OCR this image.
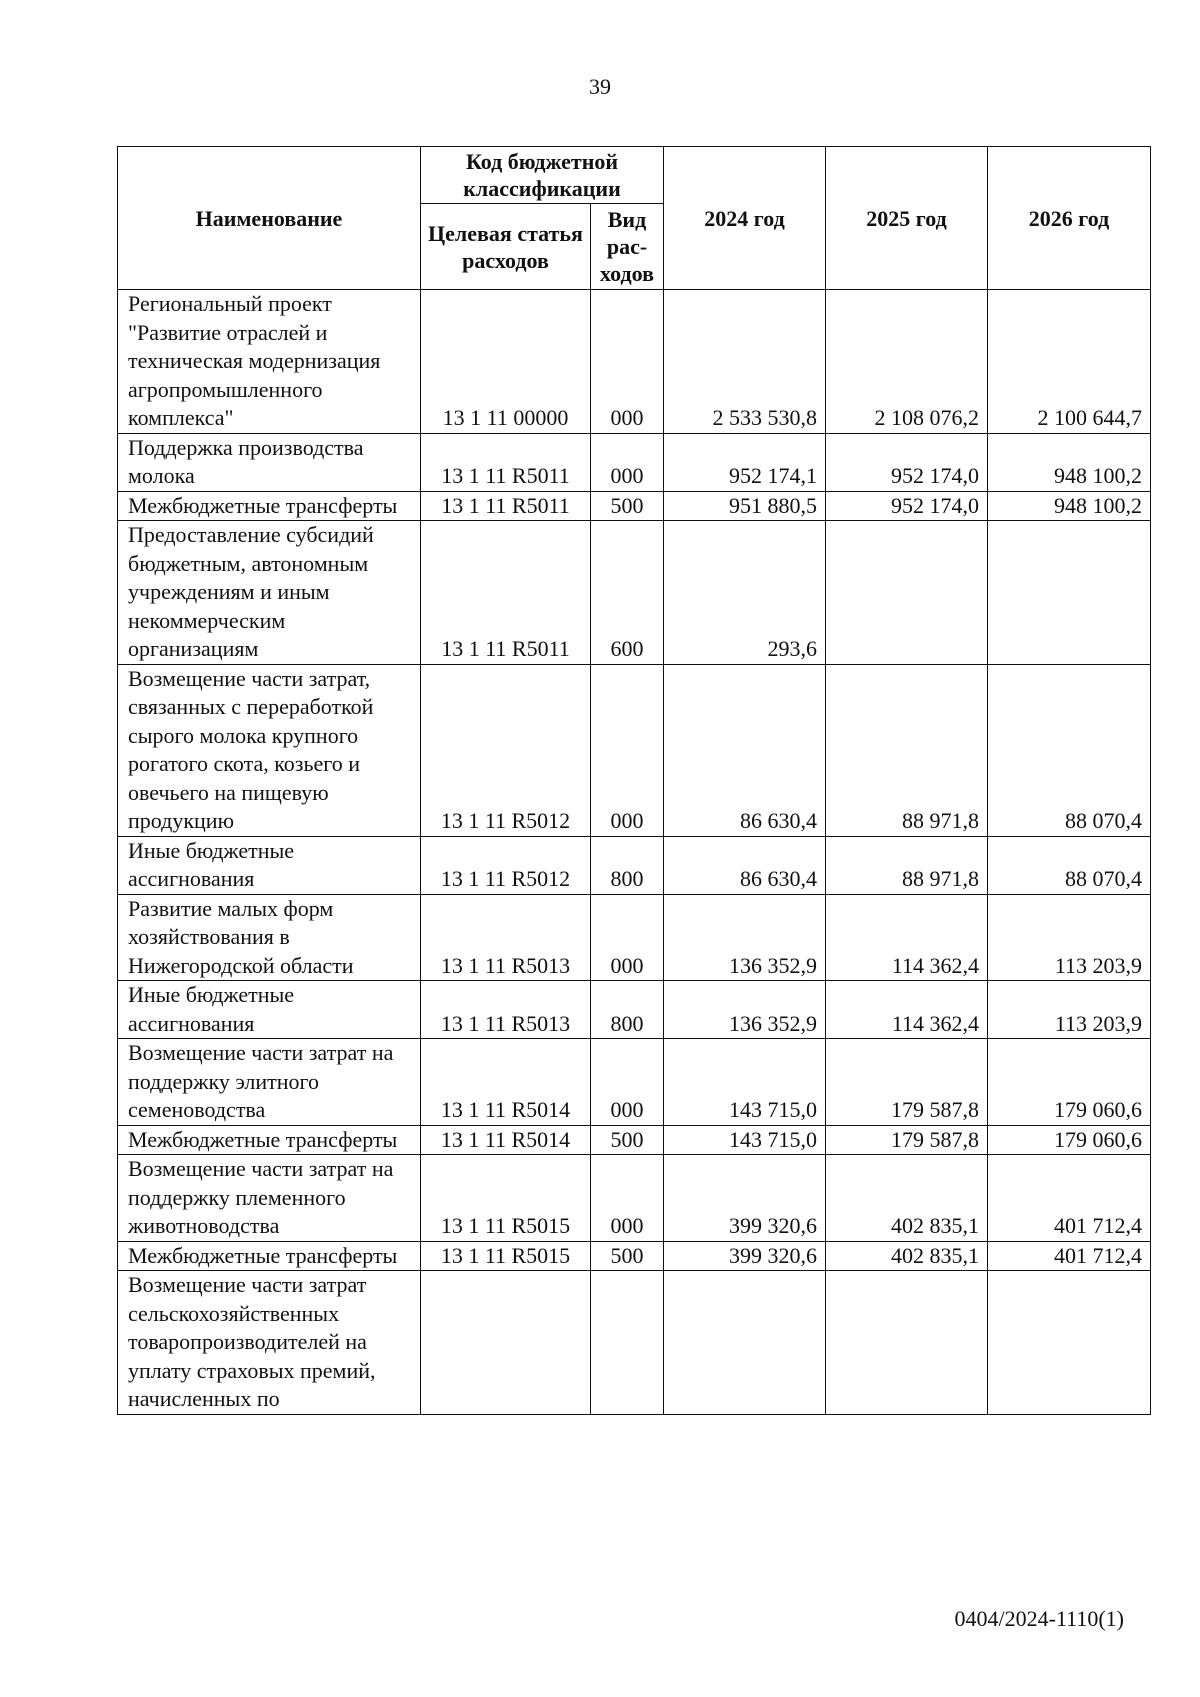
39
Наименование	Код бюджетной классификации		2024 год	2025 год	2026 год
	Целевая статья расходов	Вид рас-ходов			
Региональный проект "Развитие отраслей и техническая модернизация агропромышленного комплекса"	13 1 11 00000	000	2 533 530,8	2 108 076,2	2 100 644,7
Поддержка производства молока	13 1 11 R5011	000	952 174,1	952 174,0	948 100,2
Межбюджетные трансферты	13 1 11 R5011	500	951 880,5	952 174,0	948 100,2
Предоставление субсидий бюджетным, автономным учреждениям и иным некоммерческим организациям	13 1 11 R5011	600	293,6		
Возмещение части затрат, связанных с переработкой сырого молока крупного рогатого скота, козьего и овечьего на пищевую продукцию	13 1 11 R5012	000	86 630,4	88 971,8	88 070,4
Иные бюджетные ассигнования	13 1 11 R5012	800	86 630,4	88 971,8	88 070,4
Развитие малых форм хозяйствования в Нижегородской области	13 1 11 R5013	000	136 352,9	114 362,4	113 203,9
Иные бюджетные ассигнования	13 1 11 R5013	800	136 352,9	114 362,4	113 203,9
Возмещение части затрат на поддержку элитного семеноводства	13 1 11 R5014	000	143 715,0	179 587,8	179 060,6
Межбюджетные трансферты	13 1 11 R5014	500	143 715,0	179 587,8	179 060,6
Возмещение части затрат на поддержку племенного животноводства	13 1 11 R5015	000	399 320,6	402 835,1	401 712,4
Межбюджетные трансферты	13 1 11 R5015	500	399 320,6	402 835,1	401 712,4
Возмещение части затрат сельскохозяйственных товаропроизводителей на уплату страховых премий, начисленных по					
0404/2024-1110(1)
